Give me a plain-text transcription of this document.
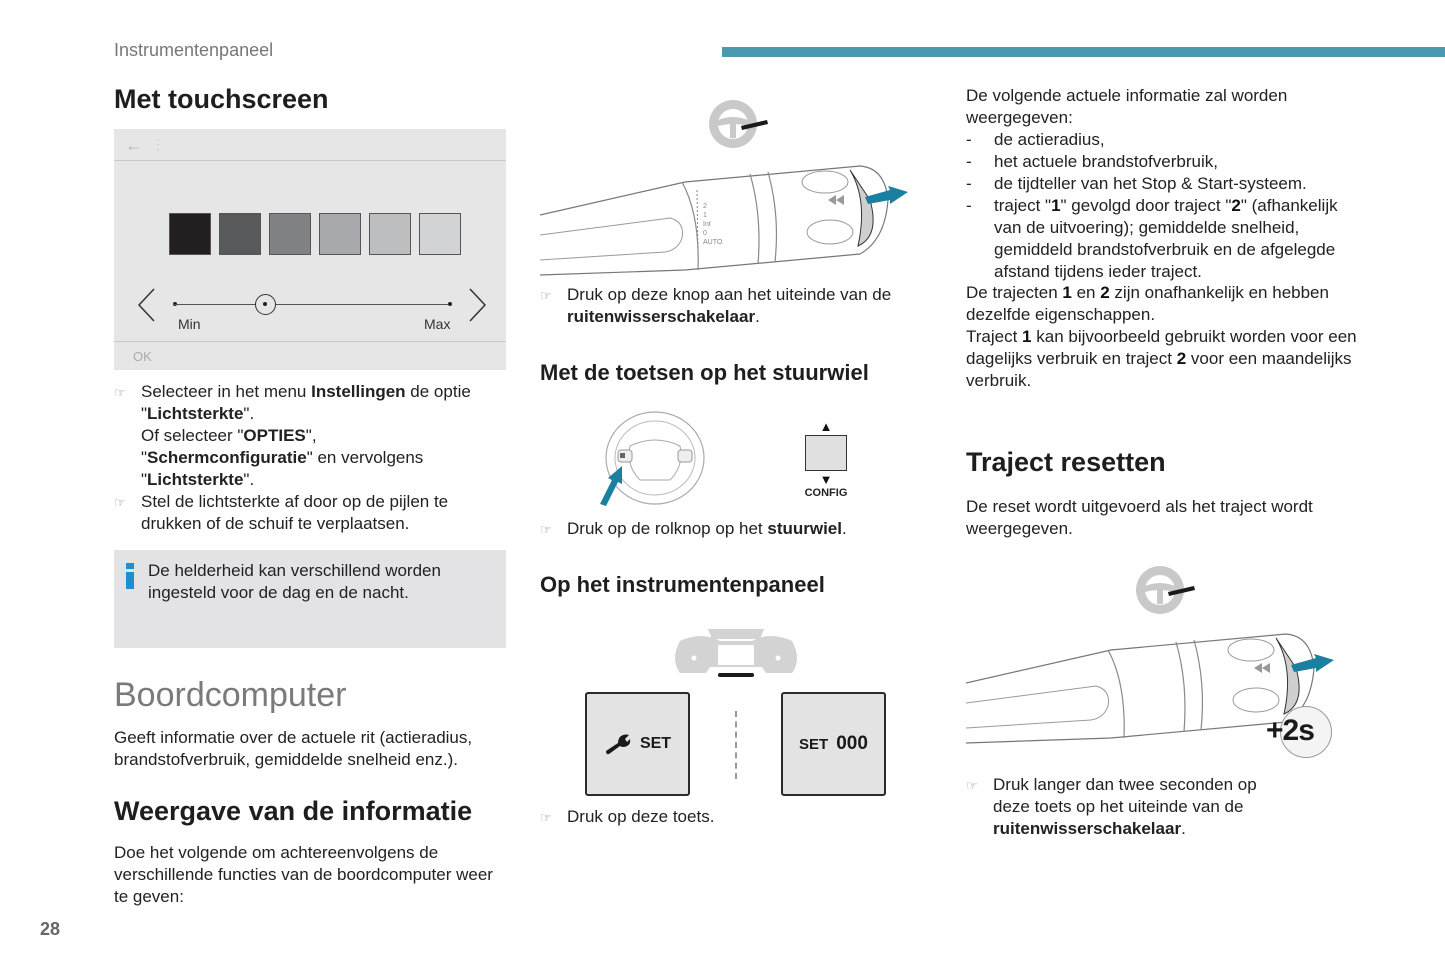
Instrumentenpaneel
Met touchscreen
← ⋮
Min	Max
OK
☞ Selecteer in het menu Instellingen de optie
"Lichtsterkte".
Of selecteer "OPTIES",
"Schermconfiguratie" en vervolgens
"Lichtsterkte".
☞ Stel de lichtsterkte af door op de pijlen te
drukken of de schuif te verplaatsen.
De helderheid kan verschillend worden ingesteld voor de dag en de nacht.
Boordcomputer
Geeft informatie over de actuele rit (actieradius, brandstofverbruik, gemiddelde snelheid enz.).
Weergave van de informatie
Doe het volgende om achtereenvolgens de verschillende functies van de boordcomputer weer te geven:
28
2
1
Int
0
AUTO
☞ Druk op deze knop aan het uiteinde van de
ruitenwisserschakelaar.
Met de toetsen op het stuurwiel
▲
▼
CONFIG
☞ Druk op de rolknop op het stuurwiel.
Op het instrumentenpaneel
SET	SET 000
☞ Druk op deze toets.
De volgende actuele informatie zal worden weergegeven:
- de actieradius,
- het actuele brandstofverbruik,
- de tijdteller van het Stop & Start-systeem.
- traject "1" gevolgd door traject "2" (afhankelijk van de uitvoering); gemiddelde snelheid, gemiddeld brandstofverbruik en de afgelegde afstand tijdens ieder traject.
De trajecten 1 en 2 zijn onafhankelijk en hebben dezelfde eigenschappen.
Traject 1 kan bijvoorbeeld gebruikt worden voor een dagelijks verbruik en traject 2 voor een maandelijks verbruik.
Traject resetten
De reset wordt uitgevoerd als het traject wordt weergegeven.
+2s
☞ Druk langer dan twee seconden op
deze toets op het uiteinde van de
ruitenwisserschakelaar.
